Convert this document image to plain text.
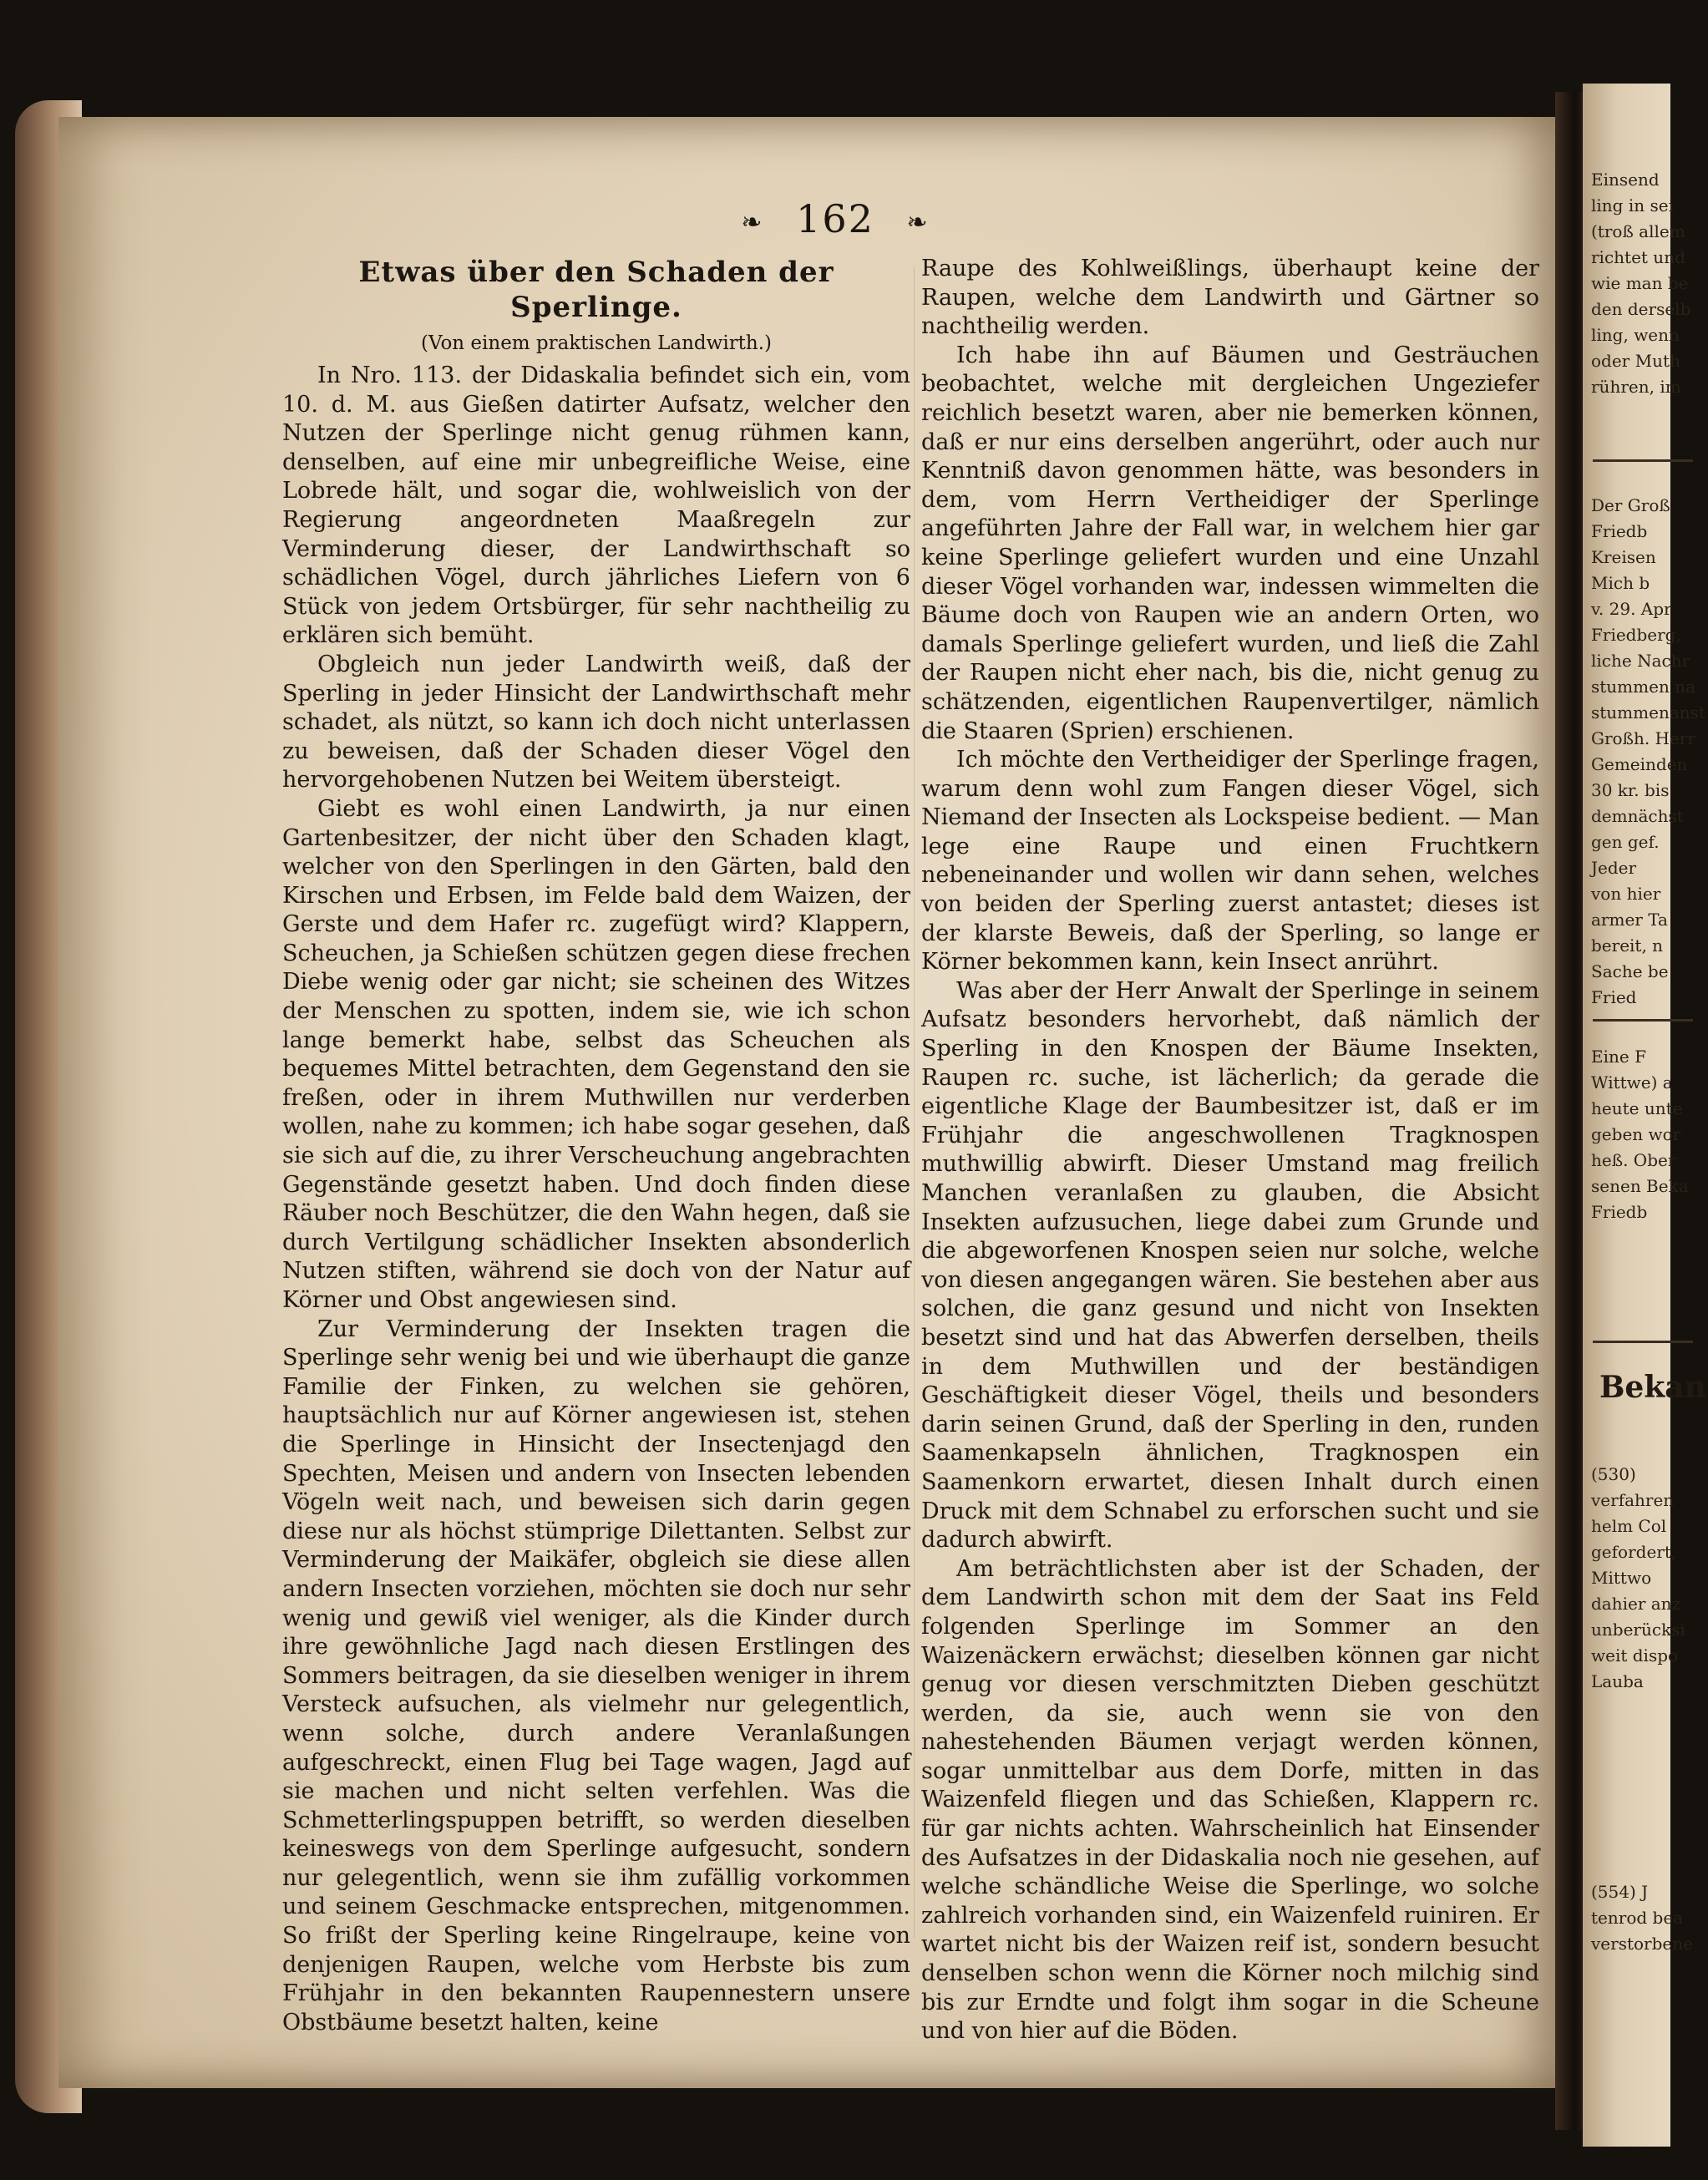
❧ 162 ❧
Etwas über den Schaden der Sperlinge.
(Von einem praktischen Landwirth.)

In Nro. 113. der Didaskalia befindet sich ein, vom 10. d. M. aus Gießen datirter Aufsatz, welcher den Nutzen der Sperlinge nicht genug rühmen kann, denselben, auf eine mir unbegreifliche Weise, eine Lobrede hält, und sogar die, wohlweislich von der Regierung angeordneten Maaßregeln zur Verminderung dieser, der Landwirthschaft so schädlichen Vögel, durch jährliches Liefern von 6 Stück von jedem Ortsbürger, für sehr nachtheilig zu erklären sich bemüht.

Obgleich nun jeder Landwirth weiß, daß der Sperling in jeder Hinsicht der Landwirthschaft mehr schadet, als nützt, so kann ich doch nicht unterlassen zu beweisen, daß der Schaden dieser Vögel den hervorgehobenen Nutzen bei Weitem übersteigt.

Giebt es wohl einen Landwirth, ja nur einen Gartenbesitzer, der nicht über den Schaden klagt, welcher von den Sperlingen in den Gärten, bald den Kirschen und Erbsen, im Felde bald dem Waizen, der Gerste und dem Hafer rc. zugefügt wird? Klappern, Scheuchen, ja Schießen schützen gegen diese frechen Diebe wenig oder gar nicht; sie scheinen des Witzes der Menschen zu spotten, indem sie, wie ich schon lange bemerkt habe, selbst das Scheuchen als bequemes Mittel betrachten, dem Gegenstand den sie freßen, oder in ihrem Muthwillen nur verderben wollen, nahe zu kommen; ich habe sogar gesehen, daß sie sich auf die, zu ihrer Verscheuchung angebrachten Gegenstände gesetzt haben. Und doch finden diese Räuber noch Beschützer, die den Wahn hegen, daß sie durch Vertilgung schädlicher Insekten absonderlich Nutzen stiften, während sie doch von der Natur auf Körner und Obst angewiesen sind.

Zur Verminderung der Insekten tragen die Sperlinge sehr wenig bei und wie überhaupt die ganze Familie der Finken, zu welchen sie gehören, hauptsächlich nur auf Körner angewiesen ist, stehen die Sperlinge in Hinsicht der Insectenjagd den Spechten, Meisen und andern von Insecten lebenden Vögeln weit nach, und beweisen sich darin gegen diese nur als höchst stümprige Dilettanten. Selbst zur Verminderung der Maikäfer, obgleich sie diese allen andern Insecten vorziehen, möchten sie doch nur sehr wenig und gewiß viel weniger, als die Kinder durch ihre gewöhnliche Jagd nach diesen Erstlingen des Sommers beitragen, da sie dieselben weniger in ihrem Versteck aufsuchen, als vielmehr nur gelegentlich, wenn solche, durch andere Veranlaßungen aufgeschreckt, einen Flug bei Tage wagen, Jagd auf sie machen und nicht selten verfehlen. Was die Schmetterlingspuppen betrifft, so werden dieselben keineswegs von dem Sperlinge aufgesucht, sondern nur gelegentlich, wenn sie ihm zufällig vorkommen und seinem Geschmacke entsprechen, mitgenommen. So frißt der Sperling keine Ringelraupe, keine von denjenigen Raupen, welche vom Herbste bis zum Frühjahr in den bekannten Raupennestern unsere Obstbäume besetzt halten, keine

Raupe des Kohlweißlings, überhaupt keine der Raupen, welche dem Landwirth und Gärtner so nachtheilig werden.

Ich habe ihn auf Bäumen und Gesträuchen beobachtet, welche mit dergleichen Ungeziefer reichlich besetzt waren, aber nie bemerken können, daß er nur eins derselben angerührt, oder auch nur Kenntniß davon genommen hätte, was besonders in dem, vom Herrn Vertheidiger der Sperlinge angeführten Jahre der Fall war, in welchem hier gar keine Sperlinge geliefert wurden und eine Unzahl dieser Vögel vorhanden war, indessen wimmelten die Bäume doch von Raupen wie an andern Orten, wo damals Sperlinge geliefert wurden, und ließ die Zahl der Raupen nicht eher nach, bis die, nicht genug zu schätzenden, eigentlichen Raupenvertilger, nämlich die Staaren (Sprien) erschienen.

Ich möchte den Vertheidiger der Sperlinge fragen, warum denn wohl zum Fangen dieser Vögel, sich Niemand der Insecten als Lockspeise bedient. — Man lege eine Raupe und einen Fruchtkern nebeneinander und wollen wir dann sehen, welches von beiden der Sperling zuerst antastet; dieses ist der klarste Beweis, daß der Sperling, so lange er Körner bekommen kann, kein Insect anrührt.

Was aber der Herr Anwalt der Sperlinge in seinem Aufsatz besonders hervorhebt, daß nämlich der Sperling in den Knospen der Bäume Insekten, Raupen rc. suche, ist lächerlich; da gerade die eigentliche Klage der Baumbesitzer ist, daß er im Frühjahr die angeschwollenen Tragknospen muthwillig abwirft. Dieser Umstand mag freilich Manchen veranlaßen zu glauben, die Absicht Insekten aufzusuchen, liege dabei zum Grunde und die abgeworfenen Knospen seien nur solche, welche von diesen angegangen wären. Sie bestehen aber aus solchen, die ganz gesund und nicht von Insekten besetzt sind und hat das Abwerfen derselben, theils in dem Muthwillen und der beständigen Geschäftigkeit dieser Vögel, theils und besonders darin seinen Grund, daß der Sperling in den, runden Saamenkapseln ähnlichen, Tragknospen ein Saamenkorn erwartet, diesen Inhalt durch einen Druck mit dem Schnabel zu erforschen sucht und sie dadurch abwirft.

Am beträchtlichsten aber ist der Schaden, der dem Landwirth schon mit dem der Saat ins Feld folgenden Sperlinge im Sommer an den Waizenäckern erwächst; dieselben können gar nicht genug vor diesen verschmitzten Dieben geschützt werden, da sie, auch wenn sie von den nahestehenden Bäumen verjagt werden können, sogar unmittelbar aus dem Dorfe, mitten in das Waizenfeld fliegen und das Schießen, Klappern rc. für gar nichts achten. Wahrscheinlich hat Einsender des Aufsatzes in der Didaskalia noch nie gesehen, auf welche schändliche Weise die Sperlinge, wo solche zahlreich vorhanden sind, ein Waizenfeld ruiniren. Er wartet nicht bis der Waizen reif ist, sondern besucht denselben schon wenn die Körner noch milchig sind bis zur Erndte und folgt ihm sogar in die Scheune und von hier auf die Böden.

Einsend
ling in sei
(troß allem
richtet und
wie man be
den derselb
ling, wenn
oder Muth
rühren, im
Der Groß
Friedb
Kreisen
Mich b
v. 29. Apr
Friedberg,
liche Nachr
stummen na
stummenanst
Großh. Herr
Gemeinden
30 kr. bis
demnächst
gen gef.
Jeder
von hier
armer Ta
bereit, n
Sache be
Fried
Eine F
Wittwe) a
heute unte
geben wor
heß. Ober
senen Beka
Friedb
Bekan
(530)
verfahren
helm Col
gefordert,
Mittwo
dahier anz
unberücksi
weit dispo
Lauba
(554) J
tenrod bea
verstorbene
